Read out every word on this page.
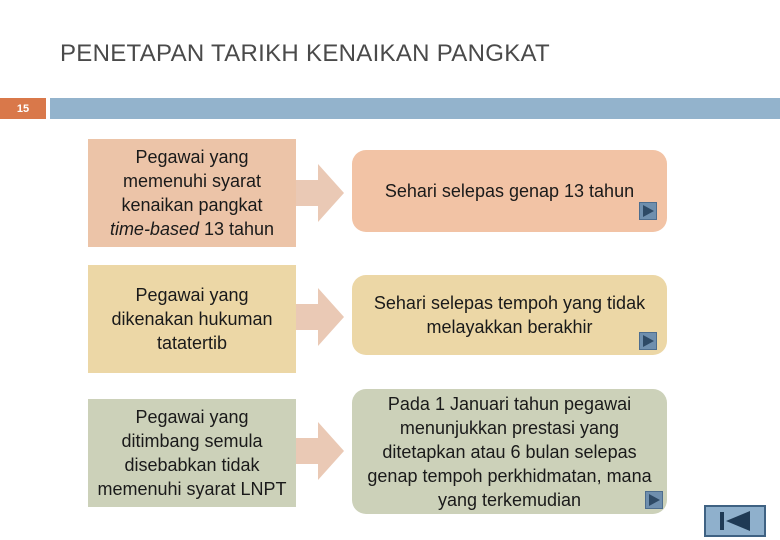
PENETAPAN TARIKH KENAIKAN PANGKAT
15
Pegawai yang
memenuhi syarat
kenaikan pangkat
time-based 13 tahun
Sehari selepas genap 13 tahun
Pegawai yang dikenakan hukuman tatatertib
Sehari selepas tempoh yang tidak melayakkan berakhir
Pegawai yang ditimbang semula disebabkan tidak memenuhi syarat LNPT
Pada 1 Januari tahun pegawai menunjukkan prestasi yang ditetapkan atau 6 bulan selepas genap tempoh perkhidmatan, mana yang terkemudian
